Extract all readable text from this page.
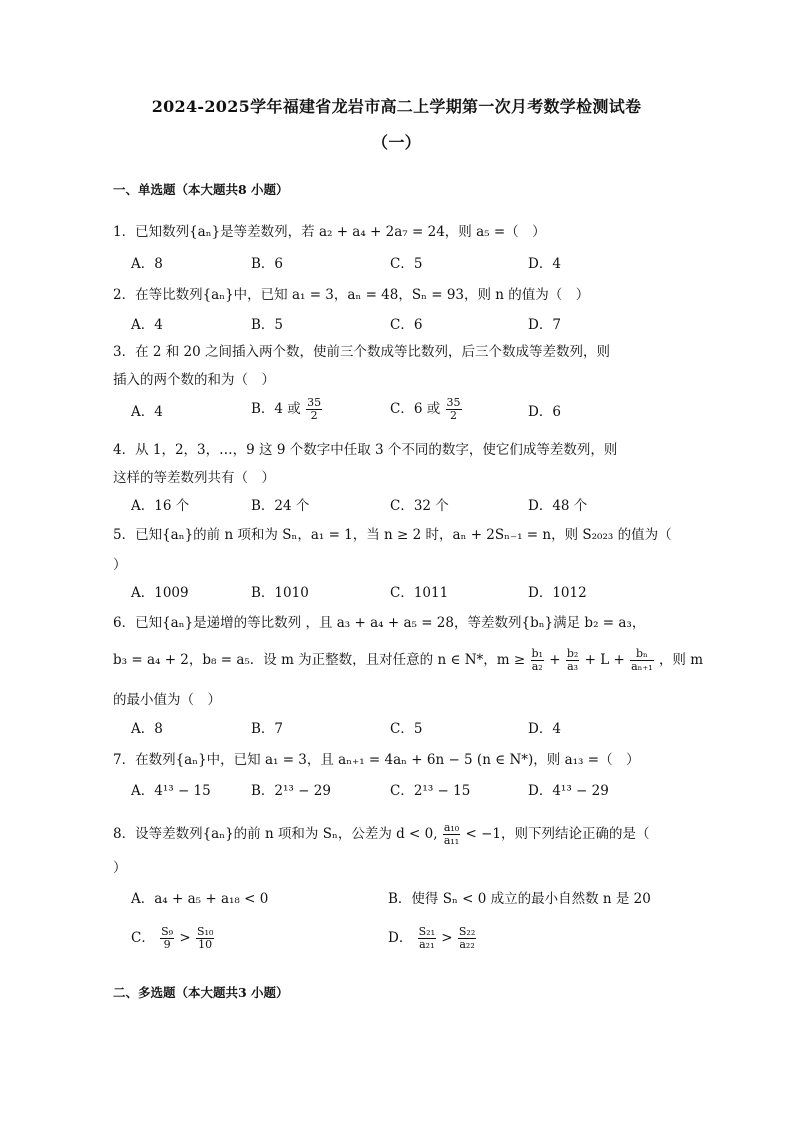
2024-2025学年福建省龙岩市高二上学期第一次月考数学检测试卷
（一）
一、单选题（本大题共8 小题）
1．已知数列{aₙ}是等差数列，若 a₂ + a₄ + 2a₇ = 24，则 a₅ =（　）
A．8	B．6	C．5	D．4
2．在等比数列{aₙ}中，已知 a₁ = 3，aₙ = 48，Sₙ = 93，则 n 的值为（　）
A．4	B．5	C．6	D．7
3．在 2 和 20 之间插入两个数，使前三个数成等比数列，后三个数成等差数列，则
插入的两个数的和为（　）
A．4	B．4 或 $\frac{35}{2}$	C．6 或 $\frac{35}{2}$	D．6
4．从 1，2，3，…，9 这 9 个数字中任取 3 个不同的数字，使它们成等差数列，则
这样的等差数列共有（　）
A．16 个	B．24 个	C．32 个	D．48 个
5．已知{aₙ}的前 n 项和为 Sₙ，a₁ = 1，当 n ≥ 2 时，aₙ + 2Sₙ₋₁ = n，则 S₂₀₂₃ 的值为（
）
A．1009	B．1010	C．1011	D．1012
6．已知{aₙ}是递增的等比数列 ，且 a₃ + a₄ + a₅ = 28，等差数列{bₙ}满足 b₂ = a₃，
b₃ = a₄ + 2，b₈ = a₅．设 m 为正整数，且对任意的 n ∈ N*，$m \ge \frac{\text{b₁}}{\text{a₂}} + \frac{\text{b₂}}{\text{a₃}} + L + \frac{\text{bₙ}}{\text{aₙ₊₁}}$ ，则 m
的最小值为（　）
A．8	B．7	C．5	D．4
7．在数列{aₙ}中，已知 a₁ = 3，且 aₙ₊₁ = 4aₙ + 6n − 5 (n ∈ N*)，则 a₁₃ =（　）
A．4¹³ − 15	B．2¹³ − 29	C．2¹³ − 15	D．4¹³ − 29
8．设等差数列{aₙ}的前 n 项和为 Sₙ，公差为 d < 0, $\frac{\text{a₁₀}}{\text{a₁₁}} < -1$，则下列结论正确的是（
）
A．a₄ + a₅ + a₁₈ < 0	B．使得 Sₙ < 0 成立的最小自然数 n 是 20
C． $\frac{\text{S₉}}{9} > \frac{\text{S₁₀}}{10}$	D． $\frac{\text{S₂₁}}{\text{a₂₁}} > \frac{\text{S₂₂}}{\text{a₂₂}}$
二、多选题（本大题共3 小题）
